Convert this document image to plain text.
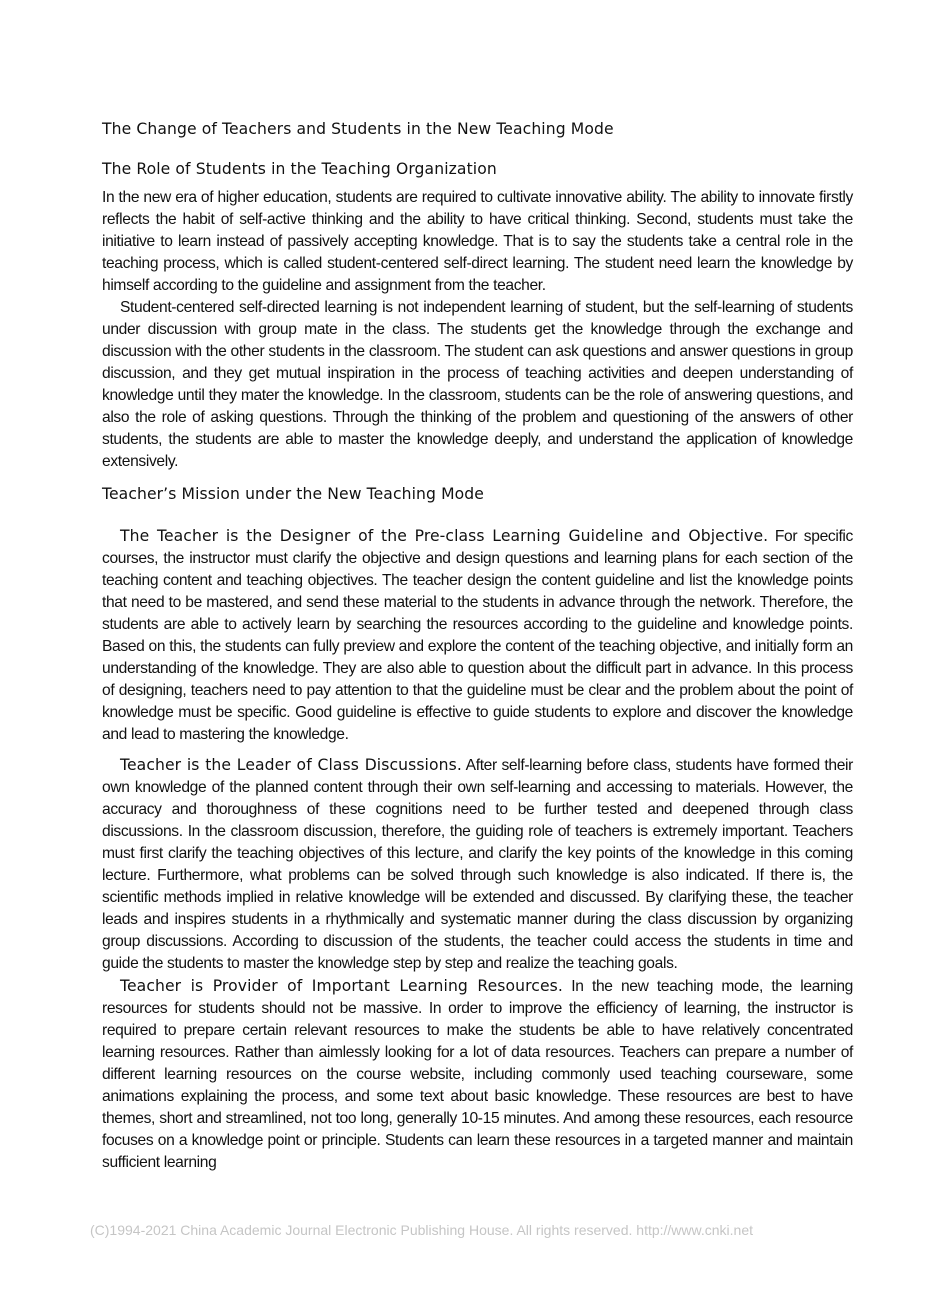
The Change of Teachers and Students in the New Teaching Mode
The Role of Students in the Teaching Organization

In the new era of higher education, students are required to cultivate innovative ability. The ability to innovate firstly reflects the habit of self-active thinking and the ability to have critical thinking. Second, students must take the initiative to learn instead of passively accepting knowledge. That is to say the students take a central role in the teaching process, which is called student-centered self-direct learning. The student need learn the knowledge by himself according to the guideline and assignment from the teacher.

Student-centered self-directed learning is not independent learning of student, but the self-learning of students under discussion with group mate in the class. The students get the knowledge through the exchange and discussion with the other students in the classroom. The student can ask questions and answer questions in group discussion, and they get mutual inspiration in the process of teaching activities and deepen understanding of knowledge until they mater the knowledge. In the classroom, students can be the role of answering questions, and also the role of asking questions. Through the thinking of the problem and questioning of the answers of other students, the students are able to master the knowledge deeply, and understand the application of knowledge extensively.

Teacher’s Mission under the New Teaching Mode

The Teacher is the Designer of the Pre-class Learning Guideline and Objective. For specific courses, the instructor must clarify the objective and design questions and learning plans for each section of the teaching content and teaching objectives. The teacher design the content guideline and list the knowledge points that need to be mastered, and send these material to the students in advance through the network. Therefore, the students are able to actively learn by searching the resources according to the guideline and knowledge points. Based on this, the students can fully preview and explore the content of the teaching objective, and initially form an understanding of the knowledge. They are also able to question about the difficult part in advance. In this process of designing, teachers need to pay attention to that the guideline must be clear and the problem about the point of knowledge must be specific. Good guideline is effective to guide students to explore and discover the knowledge and lead to mastering the knowledge.

Teacher is the Leader of Class Discussions. After self-learning before class, students have formed their own knowledge of the planned content through their own self-learning and accessing to materials. However, the accuracy and thoroughness of these cognitions need to be further tested and deepened through class discussions. In the classroom discussion, therefore, the guiding role of teachers is extremely important. Teachers must first clarify the teaching objectives of this lecture, and clarify the key points of the knowledge in this coming lecture. Furthermore, what problems can be solved through such knowledge is also indicated. If there is, the scientific methods implied in relative knowledge will be extended and discussed. By clarifying these, the teacher leads and inspires students in a rhythmically and systematic manner during the class discussion by organizing group discussions. According to discussion of the students, the teacher could access the students in time and guide the students to master the knowledge step by step and realize the teaching goals.

Teacher is Provider of Important Learning Resources. In the new teaching mode, the learning resources for students should not be massive. In order to improve the efficiency of learning, the instructor is required to prepare certain relevant resources to make the students be able to have relatively concentrated learning resources. Rather than aimlessly looking for a lot of data resources. Teachers can prepare a number of different learning resources on the course website, including commonly used teaching courseware, some animations explaining the process, and some text about basic knowledge. These resources are best to have themes, short and streamlined, not too long, generally 10-15 minutes. And among these resources, each resource focuses on a knowledge point or principle. Students can learn these resources in a targeted manner and maintain sufficient learning

(C)1994-2021 China Academic Journal Electronic Publishing House. All rights reserved. http://www.cnki.net
